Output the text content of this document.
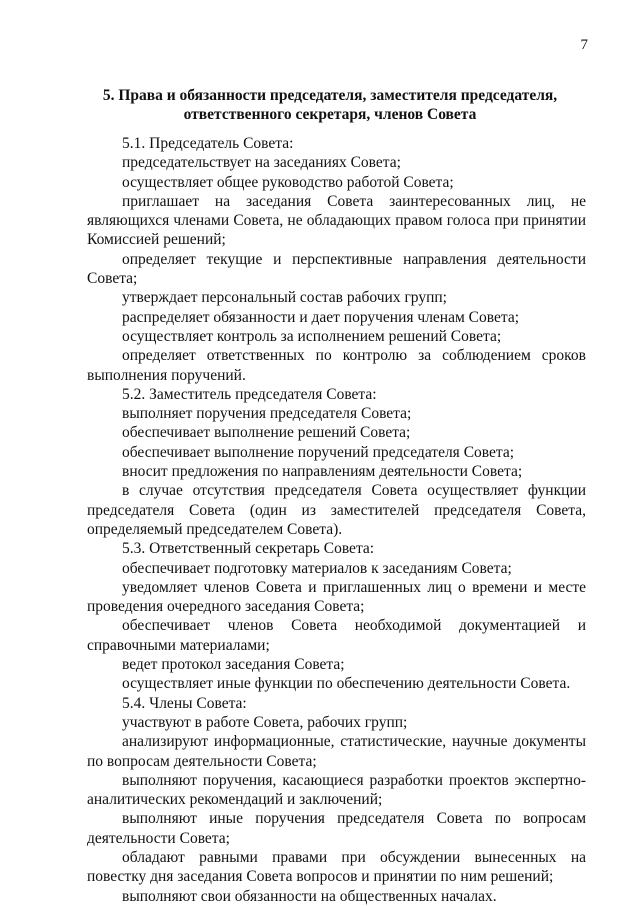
7
5. Права и обязанности председателя, заместителя председателя,
ответственного секретаря, членов Совета

5.1. Председатель Совета:

председательствует на заседаниях Совета;

осуществляет общее руководство работой Совета;

приглашает на заседания Совета заинтересованных лиц, не являющихся членами Совета, не обладающих правом голоса при принятии Комиссией решений;

определяет текущие и перспективные направления деятельности Совета;

утверждает персональный состав рабочих групп;

распределяет обязанности и дает поручения членам Совета;

осуществляет контроль за исполнением решений Совета;

определяет ответственных по контролю за соблюдением сроков выполнения поручений.

5.2. Заместитель председателя Совета:

выполняет поручения председателя Совета;

обеспечивает выполнение решений Совета;

обеспечивает выполнение поручений председателя Совета;

вносит предложения по направлениям деятельности Совета;

в случае отсутствия председателя Совета осуществляет функции председателя Совета (один из заместителей председателя Совета, определяемый председателем Совета).

5.3. Ответственный секретарь Совета:

обеспечивает подготовку материалов к заседаниям Совета;

уведомляет членов Совета и приглашенных лиц о времени и месте проведения очередного заседания Совета;

обеспечивает членов Совета необходимой документацией и справочными материалами;

ведет протокол заседания Совета;

осуществляет иные функции по обеспечению деятельности Совета.

5.4. Члены Совета:

участвуют в работе Совета, рабочих групп;

анализируют информационные, статистические, научные документы по вопросам деятельности Совета;

выполняют поручения, касающиеся разработки проектов экспертно-аналитических рекомендаций и заключений;

выполняют иные поручения председателя Совета по вопросам деятельности Совета;

обладают равными правами при обсуждении вынесенных на повестку дня заседания Совета вопросов и принятии по ним решений;

выполняют свои обязанности на общественных началах.
